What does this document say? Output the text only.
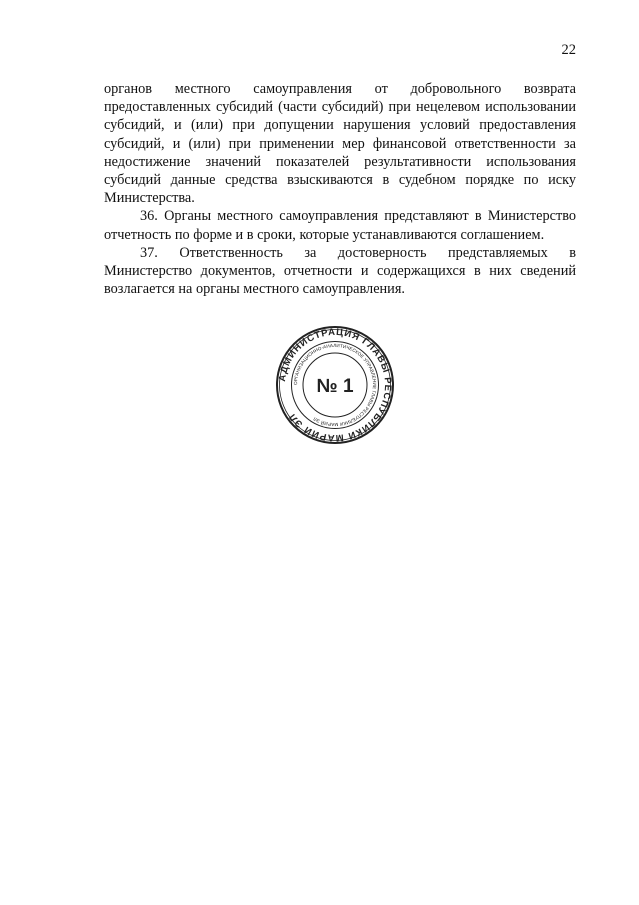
22

органов местного самоуправления от добровольного возврата предоставленных субсидий (части субсидий) при нецелевом использовании субсидий, и (или) при допущении нарушения условий предоставления субсидий, и (или) при применении мер финансовой ответственности за недостижение значений показателей результативности использования субсидий данные средства взыскиваются в судебном порядке по иску Министерства.

36. Органы местного самоуправления представляют в Министерство отчетность по форме и в сроки, которые устанавливаются соглашением.

37. Ответственность за достоверность представляемых в Министерство документов, отчетности и содержащихся в них сведений возлагается на органы местного самоуправления.

АДМИНИСТРАЦИЯ ГЛАВЫ РЕСПУБЛИКИ МАРИЙ ЭЛ
ОРГАНИЗАЦИОННО-АНАЛИТИЧЕСКОЕ УПРАВЛЕНИЕ ГЛАВЫ РЕСПУБЛИКИ МАРИЙ ЭЛ
№ 1
